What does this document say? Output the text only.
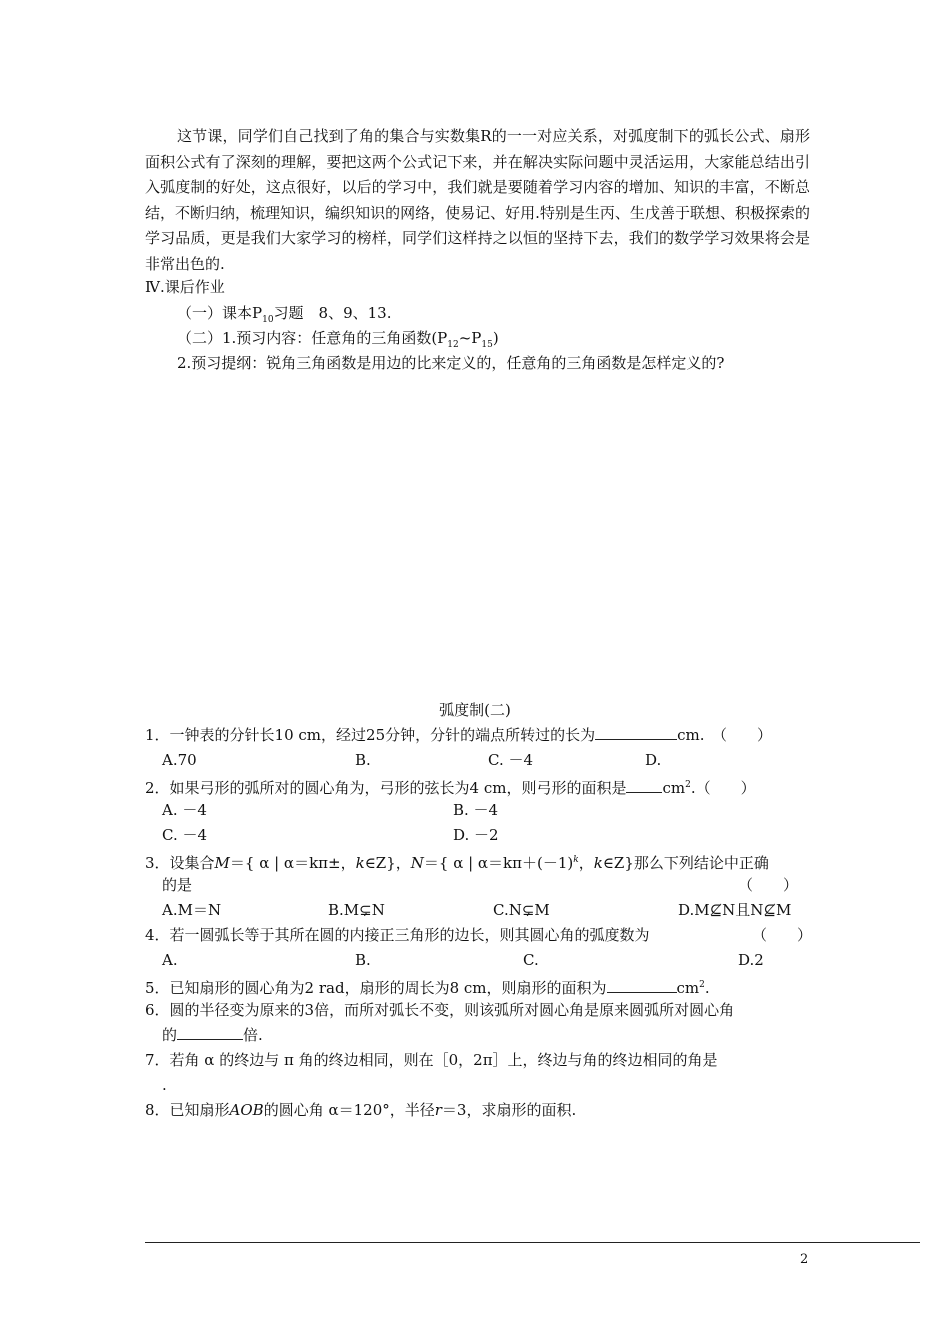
这节课，同学们自己找到了角的集合与实数集R的一一对应关系，对弧度制下的弧长公式、扇形面积公式有了深刻的理解，要把这两个公式记下来，并在解决实际问题中灵活运用，大家能总结出引入弧度制的好处，这点很好，以后的学习中，我们就是要随着学习内容的增加、知识的丰富，不断总结，不断归纳，梳理知识，编织知识的网络，使易记、好用.特别是生丙、生戊善于联想、积极探索的学习品质，更是我们大家学习的榜样，同学们这样持之以恒的坚持下去，我们的数学学习效果将会是非常出色的.
Ⅳ.课后作业
（一）课本$P_{10}$习题　8、9、13.
（二）1.预习内容：任意角的三角函数$(P_{12}\sim P_{15})$
2.预习提纲：锐角三角函数是用边的比来定义的，任意角的三角函数是怎样定义的?
弧度制(二)
1．一钟表的分针长10 cm，经过25分钟，分针的端点所转过的长为	cm.　（　　）
A.70	B.	C. －4	D.
2．如果弓形的弧所对的圆心角为，弓形的弦长为4 cm，则弓形的面积是 $cm^2$.（　　）
A. －4	B. －4
C. －4	D. －2
3．设集合M＝{ α | α＝kπ±，k∈Z}，N＝{ α | $\alpha=k\pi+(-1)^k$，k∈Z}那么下列结论中正确
的是	（　　）
A.M＝N	B.M⊊N	C.N⊊M	D.M⊈N且N⊈M
4．若一圆弧长等于其所在圆的内接正三角形的边长，则其圆心角的弧度数为	（　　）
A.	B.	C.	D.2
5．已知扇形的圆心角为2 rad，扇形的周长为8 cm，则扇形的面积为	$cm^2$.
6．圆的半径变为原来的3倍，而所对弧长不变，则该弧所对圆心角是原来圆弧所对圆心角
的	倍.
7．若角 α 的终边与 π 角的终边相同，则在［0，2π］上，终边与角的终边相同的角是
.
8．已知扇形AOB的圆心角 α＝120°，半径r＝3，求扇形的面积.
2
